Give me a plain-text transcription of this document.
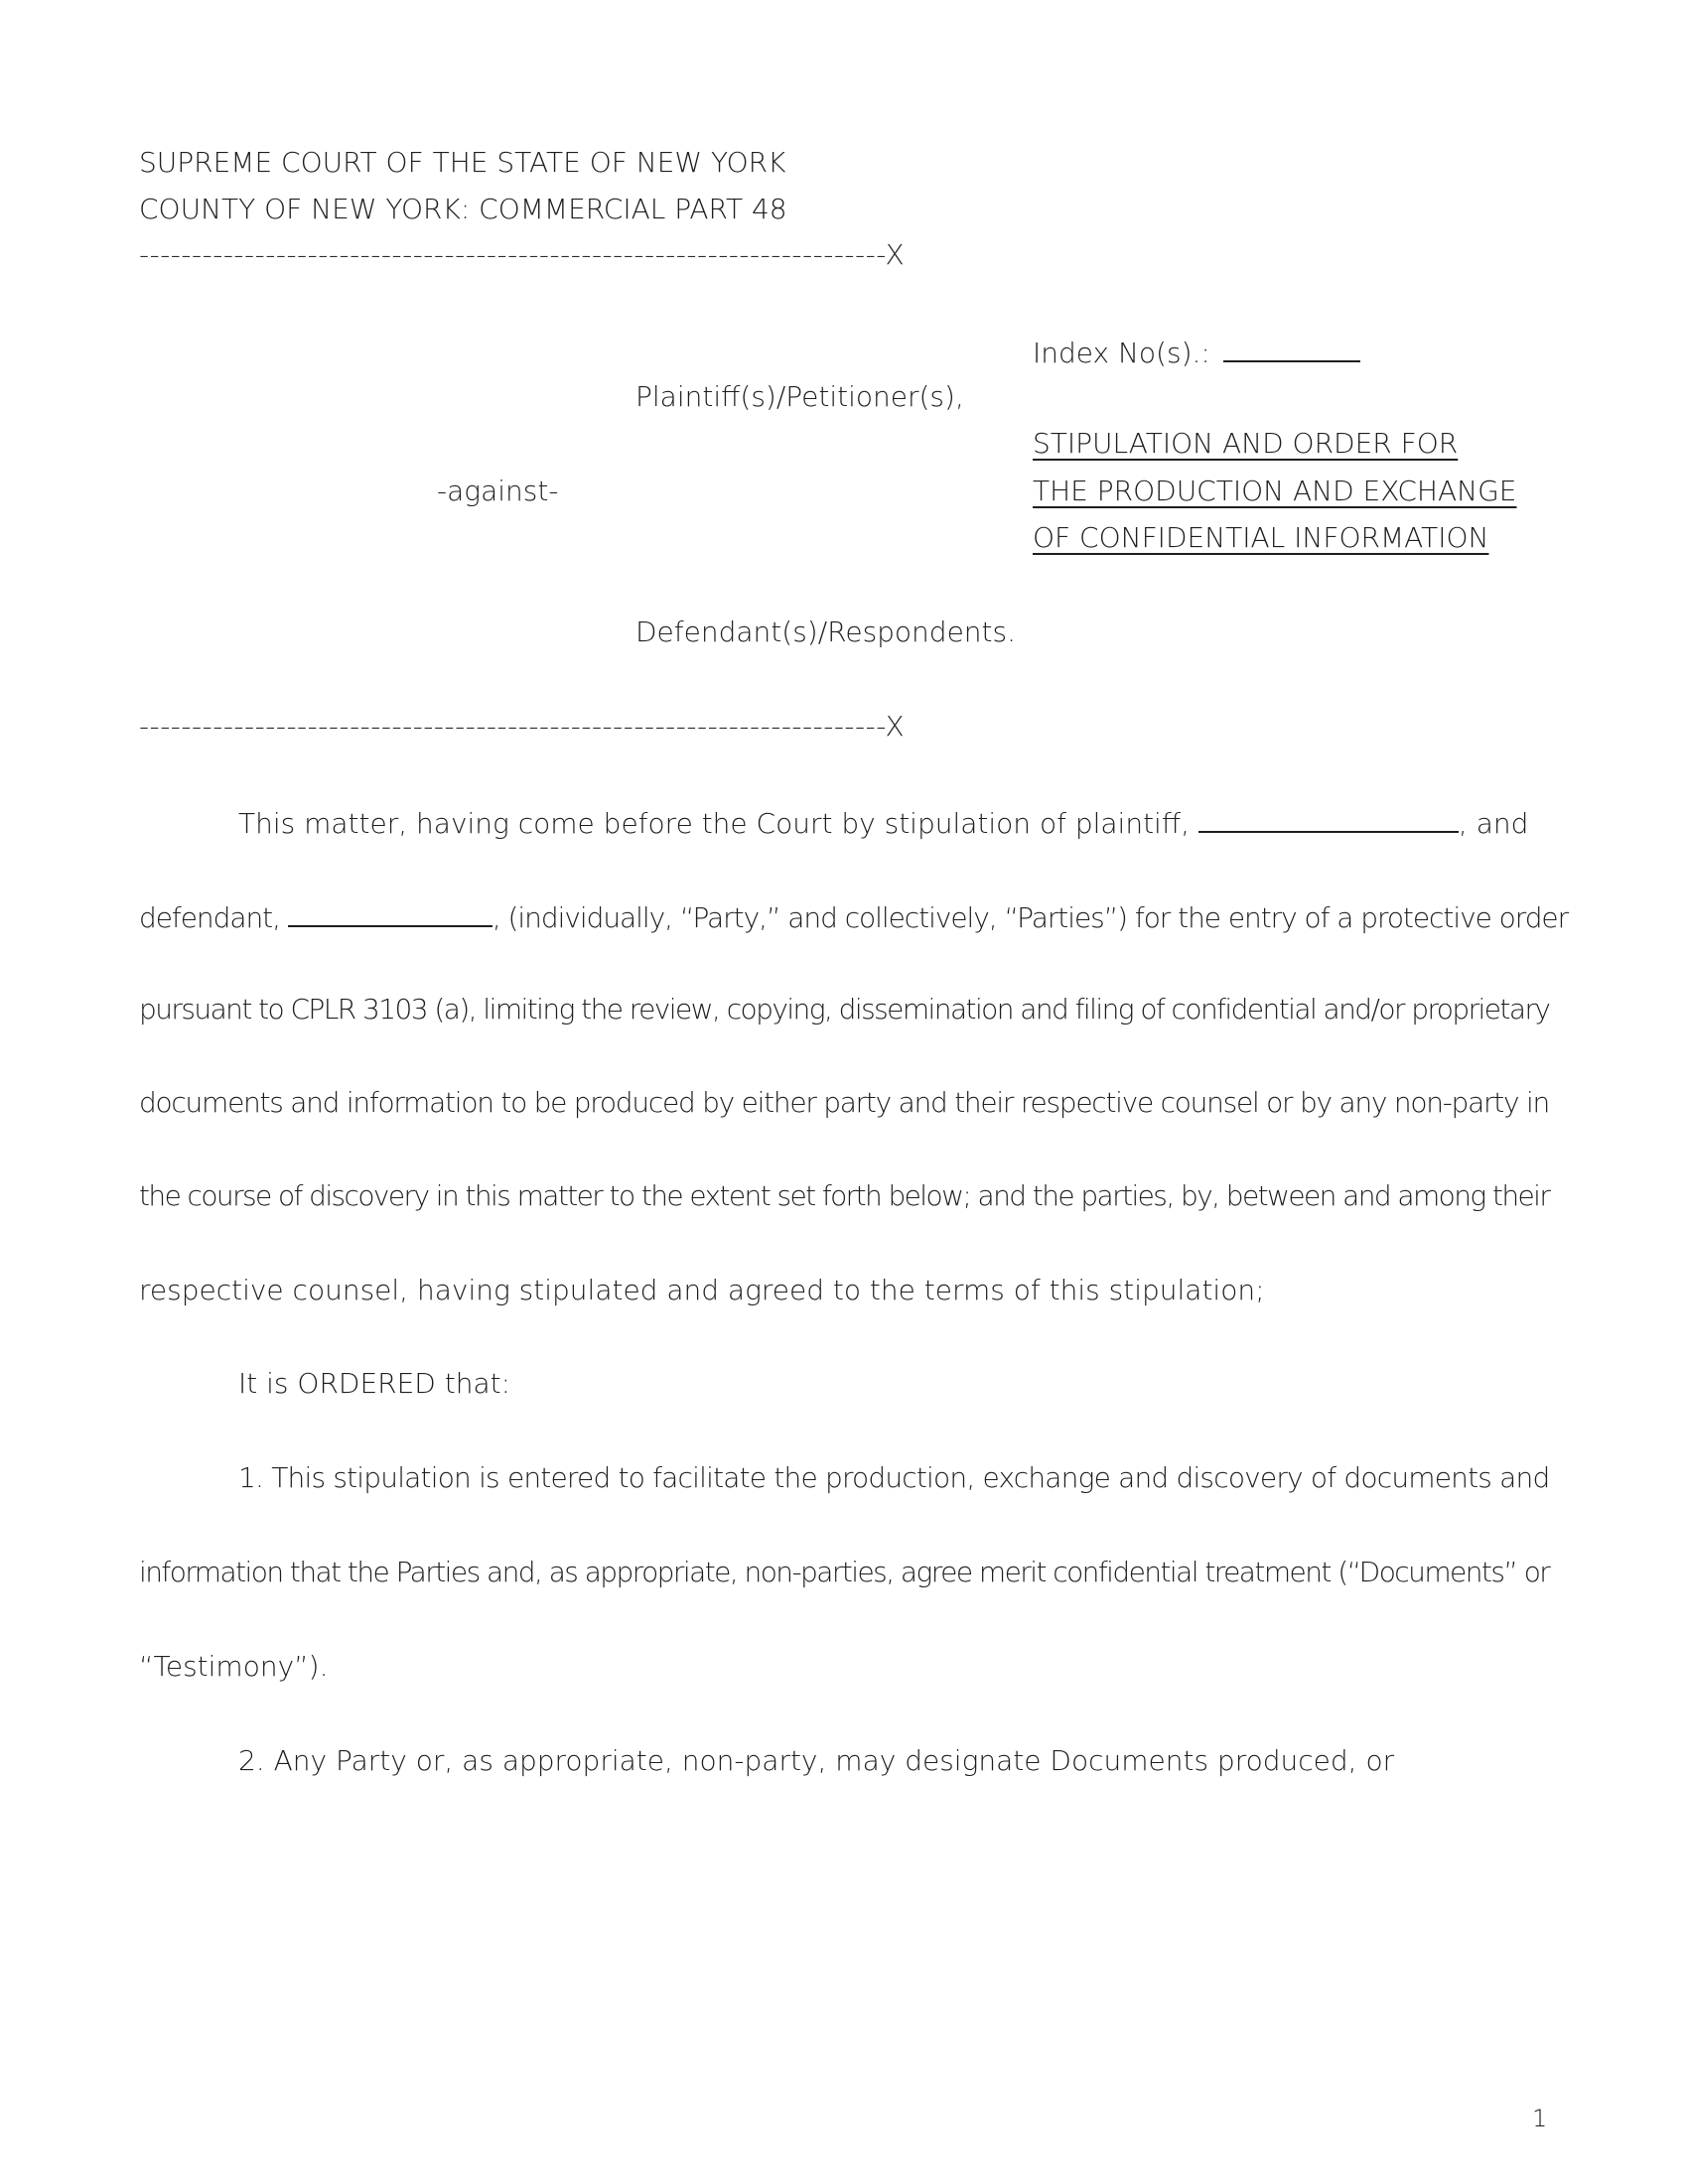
SUPREME COURT OF THE STATE OF NEW YORK
COUNTY OF NEW YORK: COMMERCIAL PART 48
-----------------------------------------------------------------------X
Index No(s).:
Plaintiff(s)/Petitioner(s),
STIPULATION AND ORDER FOR
-against-	THE PRODUCTION AND EXCHANGE
OF CONFIDENTIAL INFORMATION
Defendant(s)/Respondents.
-----------------------------------------------------------------------X
This matter, having come before the Court by stipulation of plaintiff,	, and
defendant,	, (individually, “Party,” and collectively, “Parties”) for the entry of a protective order
pursuant to CPLR 3103 (a), limiting the review, copying, dissemination and filing of confidential and/or proprietary
documents and information to be produced by either party and their respective counsel or by any non-party in
the course of discovery in this matter to the extent set forth below; and the parties, by, between and among their
respective counsel, having stipulated and agreed to the terms of this stipulation;
It is ORDERED that:
1. This stipulation is entered to facilitate the production, exchange and discovery of documents and
information that the Parties and, as appropriate, non-parties, agree merit confidential treatment (“Documents” or
“Testimony”).
2. Any Party or, as appropriate, non-party, may designate Documents produced, or
1
